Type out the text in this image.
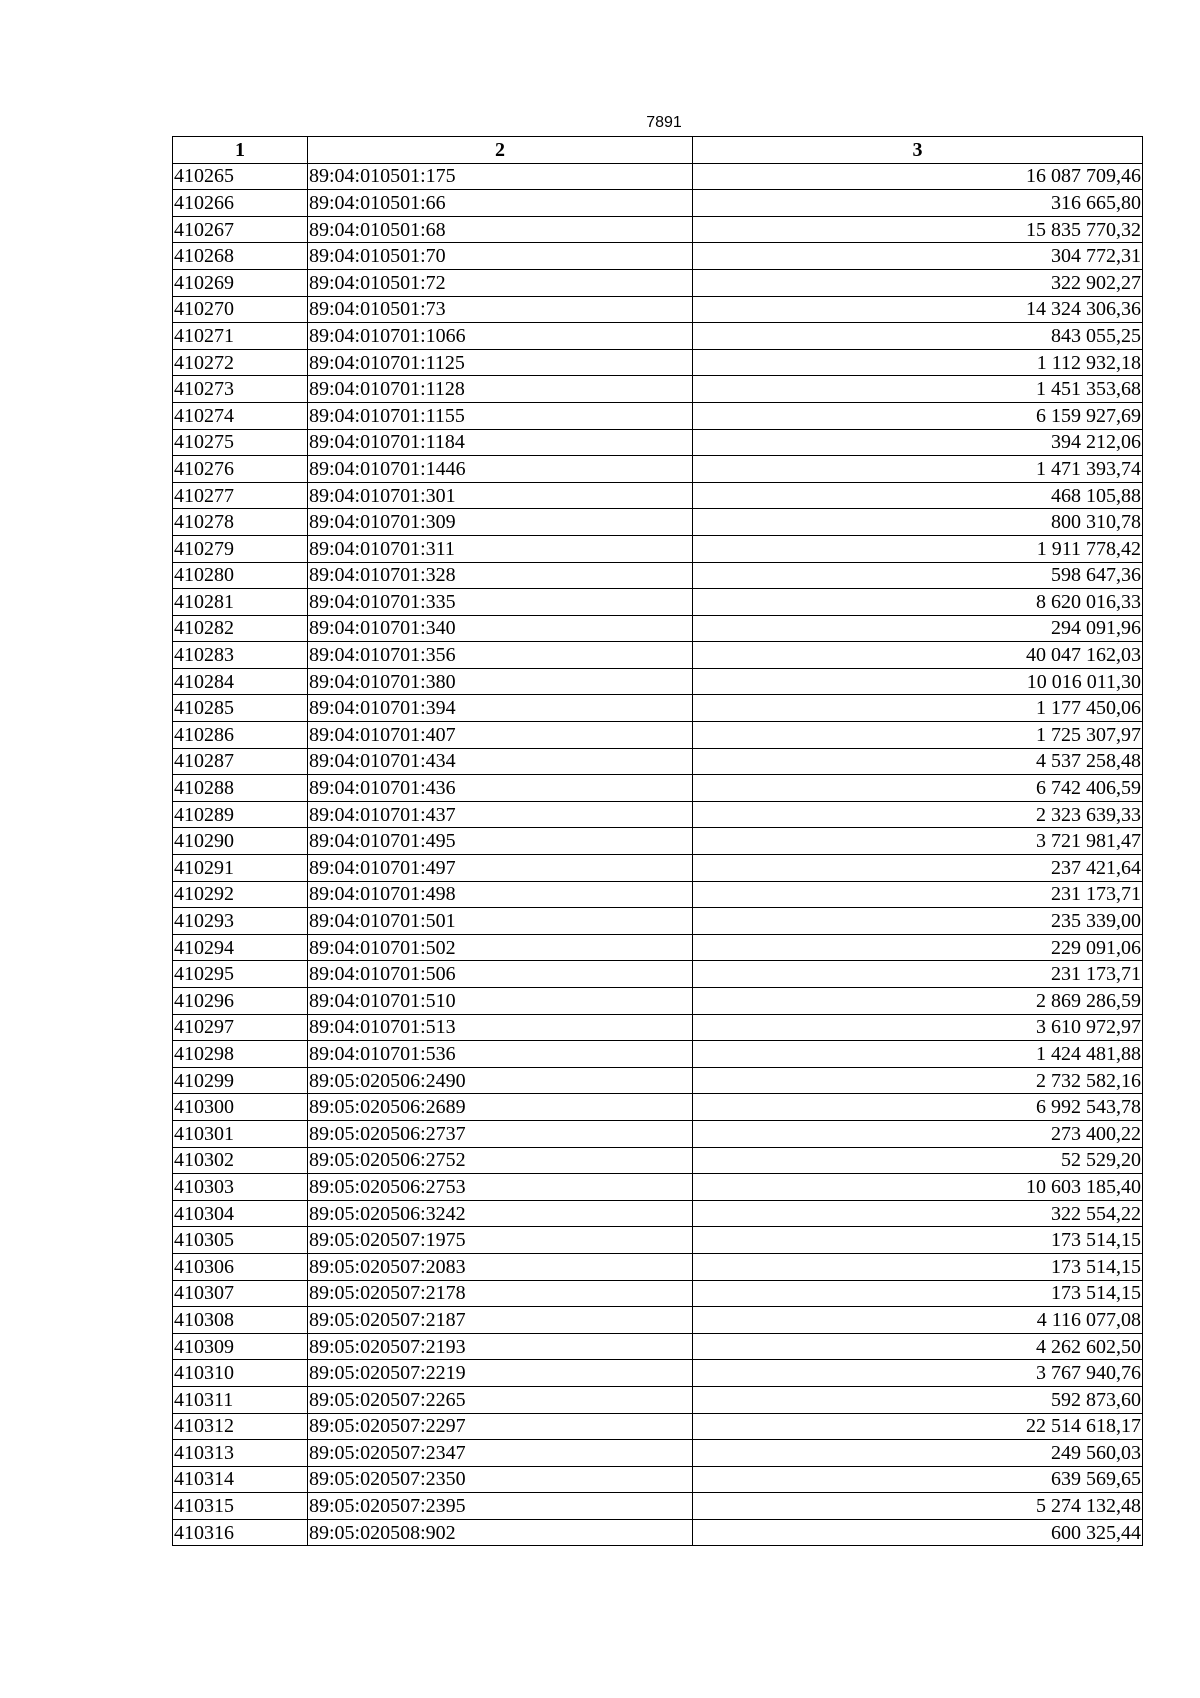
7891
1	2	3
410265	89:04:010501:175	16 087 709,46
410266	89:04:010501:66	316 665,80
410267	89:04:010501:68	15 835 770,32
410268	89:04:010501:70	304 772,31
410269	89:04:010501:72	322 902,27
410270	89:04:010501:73	14 324 306,36
410271	89:04:010701:1066	843 055,25
410272	89:04:010701:1125	1 112 932,18
410273	89:04:010701:1128	1 451 353,68
410274	89:04:010701:1155	6 159 927,69
410275	89:04:010701:1184	394 212,06
410276	89:04:010701:1446	1 471 393,74
410277	89:04:010701:301	468 105,88
410278	89:04:010701:309	800 310,78
410279	89:04:010701:311	1 911 778,42
410280	89:04:010701:328	598 647,36
410281	89:04:010701:335	8 620 016,33
410282	89:04:010701:340	294 091,96
410283	89:04:010701:356	40 047 162,03
410284	89:04:010701:380	10 016 011,30
410285	89:04:010701:394	1 177 450,06
410286	89:04:010701:407	1 725 307,97
410287	89:04:010701:434	4 537 258,48
410288	89:04:010701:436	6 742 406,59
410289	89:04:010701:437	2 323 639,33
410290	89:04:010701:495	3 721 981,47
410291	89:04:010701:497	237 421,64
410292	89:04:010701:498	231 173,71
410293	89:04:010701:501	235 339,00
410294	89:04:010701:502	229 091,06
410295	89:04:010701:506	231 173,71
410296	89:04:010701:510	2 869 286,59
410297	89:04:010701:513	3 610 972,97
410298	89:04:010701:536	1 424 481,88
410299	89:05:020506:2490	2 732 582,16
410300	89:05:020506:2689	6 992 543,78
410301	89:05:020506:2737	273 400,22
410302	89:05:020506:2752	52 529,20
410303	89:05:020506:2753	10 603 185,40
410304	89:05:020506:3242	322 554,22
410305	89:05:020507:1975	173 514,15
410306	89:05:020507:2083	173 514,15
410307	89:05:020507:2178	173 514,15
410308	89:05:020507:2187	4 116 077,08
410309	89:05:020507:2193	4 262 602,50
410310	89:05:020507:2219	3 767 940,76
410311	89:05:020507:2265	592 873,60
410312	89:05:020507:2297	22 514 618,17
410313	89:05:020507:2347	249 560,03
410314	89:05:020507:2350	639 569,65
410315	89:05:020507:2395	5 274 132,48
410316	89:05:020508:902	600 325,44
